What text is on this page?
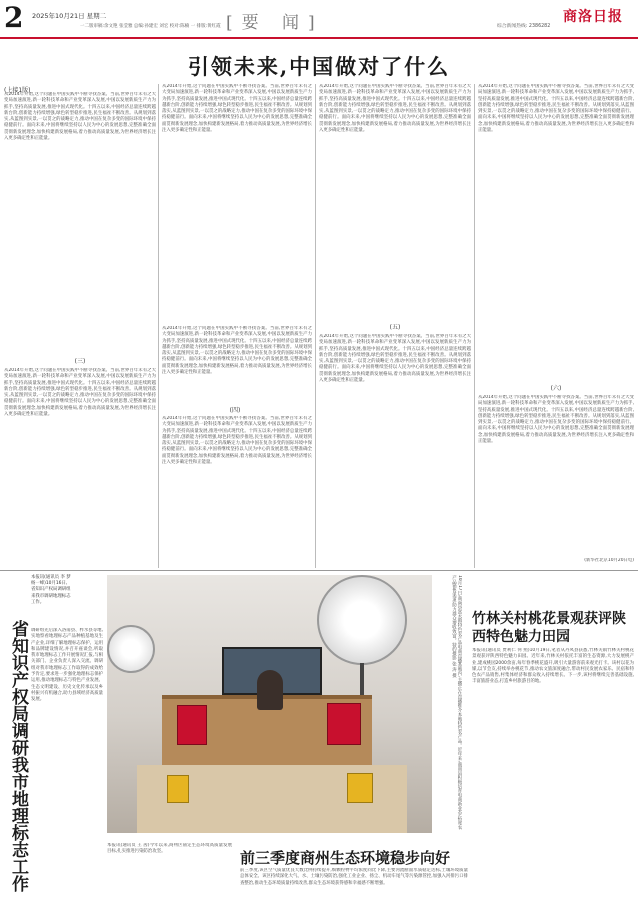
2 2025年10月21日 星期二
一二版审稿:余文艳 张莹雅 总编:孙建宏 刘宏 校对:陈楠 一 排版:黄红霞 [要 闻]	综合新闻热线: 2386282
商洛日报
引领未来,中国做对了什么
从2014年开始,这个问题在中国实践中不断寻找答案。当前,世界百年未有之大变局加速演进,新一轮科技革命和产业变革深入发展,中国以发展新质生产力为抓手,坚持高质量发展,推进中国式现代化。十四五以来,中国经济总量连续跨越新台阶,创新能力持续增强,绿色转型稳步推进,民生福祉不断改善。从规划到落实,从蓝图到实景,一以贯之的战略定力,推动中国在复杂多变的国际环境中保持稳健前行。面向未来,中国将继续坚持以人民为中心的发展思想,完整准确全面贯彻新发展理念,加快构建新发展格局,着力推动高质量发展,为世界经济增长注入更多确定性和正能量。
(上接1版)
(三)
从2014年开始,这个问题在中国实践中不断寻找答案。当前,世界百年未有之大变局加速演进,新一轮科技革命和产业变革深入发展,中国以发展新质生产力为抓手,坚持高质量发展,推进中国式现代化。十四五以来,中国经济总量连续跨越新台阶,创新能力持续增强,绿色转型稳步推进,民生福祉不断改善。从规划到落实,从蓝图到实景,一以贯之的战略定力,推动中国在复杂多变的国际环境中保持稳健前行。面向未来,中国将继续坚持以人民为中心的发展思想,完整准确全面贯彻新发展理念,加快构建新发展格局,着力推动高质量发展,为世界经济增长注入更多确定性和正能量。
从2014年开始,这个问题在中国实践中不断寻找答案。当前,世界百年未有之大变局加速演进,新一轮科技革命和产业变革深入发展,中国以发展新质生产力为抓手,坚持高质量发展,推进中国式现代化。十四五以来,中国经济总量连续跨越新台阶,创新能力持续增强,绿色转型稳步推进,民生福祉不断改善。从规划到落实,从蓝图到实景,一以贯之的战略定力,推动中国在复杂多变的国际环境中保持稳健前行。面向未来,中国将继续坚持以人民为中心的发展思想,完整准确全面贯彻新发展理念,加快构建新发展格局,着力推动高质量发展,为世界经济增长注入更多确定性和正能量。
(四)
从2014年开始,这个问题在中国实践中不断寻找答案。当前,世界百年未有之大变局加速演进,新一轮科技革命和产业变革深入发展,中国以发展新质生产力为抓手,坚持高质量发展,推进中国式现代化。十四五以来,中国经济总量连续跨越新台阶,创新能力持续增强,绿色转型稳步推进,民生福祉不断改善。从规划到落实,从蓝图到实景,一以贯之的战略定力,推动中国在复杂多变的国际环境中保持稳健前行。面向未来,中国将继续坚持以人民为中心的发展思想,完整准确全面贯彻新发展理念,加快构建新发展格局,着力推动高质量发展,为世界经济增长注入更多确定性和正能量。
从2014年开始,这个问题在中国实践中不断寻找答案。当前,世界百年未有之大变局加速演进,新一轮科技革命和产业变革深入发展,中国以发展新质生产力为抓手,坚持高质量发展,推进中国式现代化。十四五以来,中国经济总量连续跨越新台阶,创新能力持续增强,绿色转型稳步推进,民生福祉不断改善。从规划到落实,从蓝图到实景,一以贯之的战略定力,推动中国在复杂多变的国际环境中保持稳健前行。面向未来,中国将继续坚持以人民为中心的发展思想,完整准确全面贯彻新发展理念,加快构建新发展格局,着力推动高质量发展,为世界经济增长注入更多确定性和正能量。
从2014年开始,这个问题在中国实践中不断寻找答案。当前,世界百年未有之大变局加速演进,新一轮科技革命和产业变革深入发展,中国以发展新质生产力为抓手,坚持高质量发展,推进中国式现代化。十四五以来,中国经济总量连续跨越新台阶,创新能力持续增强,绿色转型稳步推进,民生福祉不断改善。从规划到落实,从蓝图到实景,一以贯之的战略定力,推动中国在复杂多变的国际环境中保持稳健前行。面向未来,中国将继续坚持以人民为中心的发展思想,完整准确全面贯彻新发展理念,加快构建新发展格局,着力推动高质量发展,为世界经济增长注入更多确定性和正能量。
(五)
从2014年开始,这个问题在中国实践中不断寻找答案。当前,世界百年未有之大变局加速演进,新一轮科技革命和产业变革深入发展,中国以发展新质生产力为抓手,坚持高质量发展,推进中国式现代化。十四五以来,中国经济总量连续跨越新台阶,创新能力持续增强,绿色转型稳步推进,民生福祉不断改善。从规划到落实,从蓝图到实景,一以贯之的战略定力,推动中国在复杂多变的国际环境中保持稳健前行。面向未来,中国将继续坚持以人民为中心的发展思想,完整准确全面贯彻新发展理念,加快构建新发展格局,着力推动高质量发展,为世界经济增长注入更多确定性和正能量。
从2014年开始,这个问题在中国实践中不断寻找答案。当前,世界百年未有之大变局加速演进,新一轮科技革命和产业变革深入发展,中国以发展新质生产力为抓手,坚持高质量发展,推进中国式现代化。十四五以来,中国经济总量连续跨越新台阶,创新能力持续增强,绿色转型稳步推进,民生福祉不断改善。从规划到落实,从蓝图到实景,一以贯之的战略定力,推动中国在复杂多变的国际环境中保持稳健前行。面向未来,中国将继续坚持以人民为中心的发展思想,完整准确全面贯彻新发展理念,加快构建新发展格局,着力推动高质量发展,为世界经济增长注入更多确定性和正能量。
(六)
从2014年开始,这个问题在中国实践中不断寻找答案。当前,世界百年未有之大变局加速演进,新一轮科技革命和产业变革深入发展,中国以发展新质生产力为抓手,坚持高质量发展,推进中国式现代化。十四五以来,中国经济总量连续跨越新台阶,创新能力持续增强,绿色转型稳步推进,民生福祉不断改善。从规划到落实,从蓝图到实景,一以贯之的战略定力,推动中国在复杂多变的国际环境中保持稳健前行。面向未来,中国将继续坚持以人民为中心的发展思想,完整准确全面贯彻新发展理念,加快构建新发展格局,着力推动高质量发展,为世界经济增长注入更多确定性和正能量。
(新华社北京10月20日电)
省知识产权局调研我市地理标志工作
本报讯(通讯员 李 梦 杨一峰)10月16日,省知识产权局调研组来我市调研地理标志工作。
调研组先后深入洛南县、柞水县等地,实地察看地理标志产品种植基地及生产企业,详细了解地理标志保护、运用和品牌建设情况,并召开座谈会,听取我市地理标志工作开展情况汇报,与相关部门、企业负责人深入交流。调研组对我市地理标志工作取得的成效给予肯定,要求进一步强化地理标志保护运用,推动地理标志与特色产业发展、生态文明建设、历史文化传承以及乡村振兴有机融合,助力县域经济高质量发展。	10月17日,商南县富水镇特色农产品电商直播基地内,主播正在直播推介本地特色农产品。近年来,商南县积极培育电商新业态,拓宽农产品销售渠道,助力群众增收致富。特约摄影 张 涛 摄	竹林关村桃花景观获评陕西特色魅力田园
本报讯(通讯员 贾利仁 何 照)10月19日,笔者从丹凤县获悉,竹林关镇竹林关村桃花景观获评陕西特色魅力田园。近年来,竹林关村依托丰富的生态资源,大力发展桃产业,建成桃园2000余亩,每年春季桃花盛开,吸引大量游客前来观光打卡。该村以花为媒,以节会友,持续举办桃花节,推动农文旅深度融合,带动村民发展农家乐、民宿和特色农产品销售,村集体经济和群众收入持续增长。下一步,该村将继续完善基础设施,丰富旅游业态,打造乡村旅游目的地。
本报讯(通讯员 王 茜)今年以来,商州区锚定生态环境高质量发展目标,扎实推进污染防治攻坚。	前三季度商州生态环境稳步向好
前三季度,该区空气质量优良天数比例持续提升,细颗粒物平均浓度同比下降,主要河流断面水质稳定达标,土壤环境质量总体安全。该区持续深化大气、水、土壤污染防治,强化工业企业、扬尘、机动车尾气等污染源管控,加强入河排污口排查整治,推动生态环境质量持续改善,群众生态环境获得感和幸福感不断增强。
